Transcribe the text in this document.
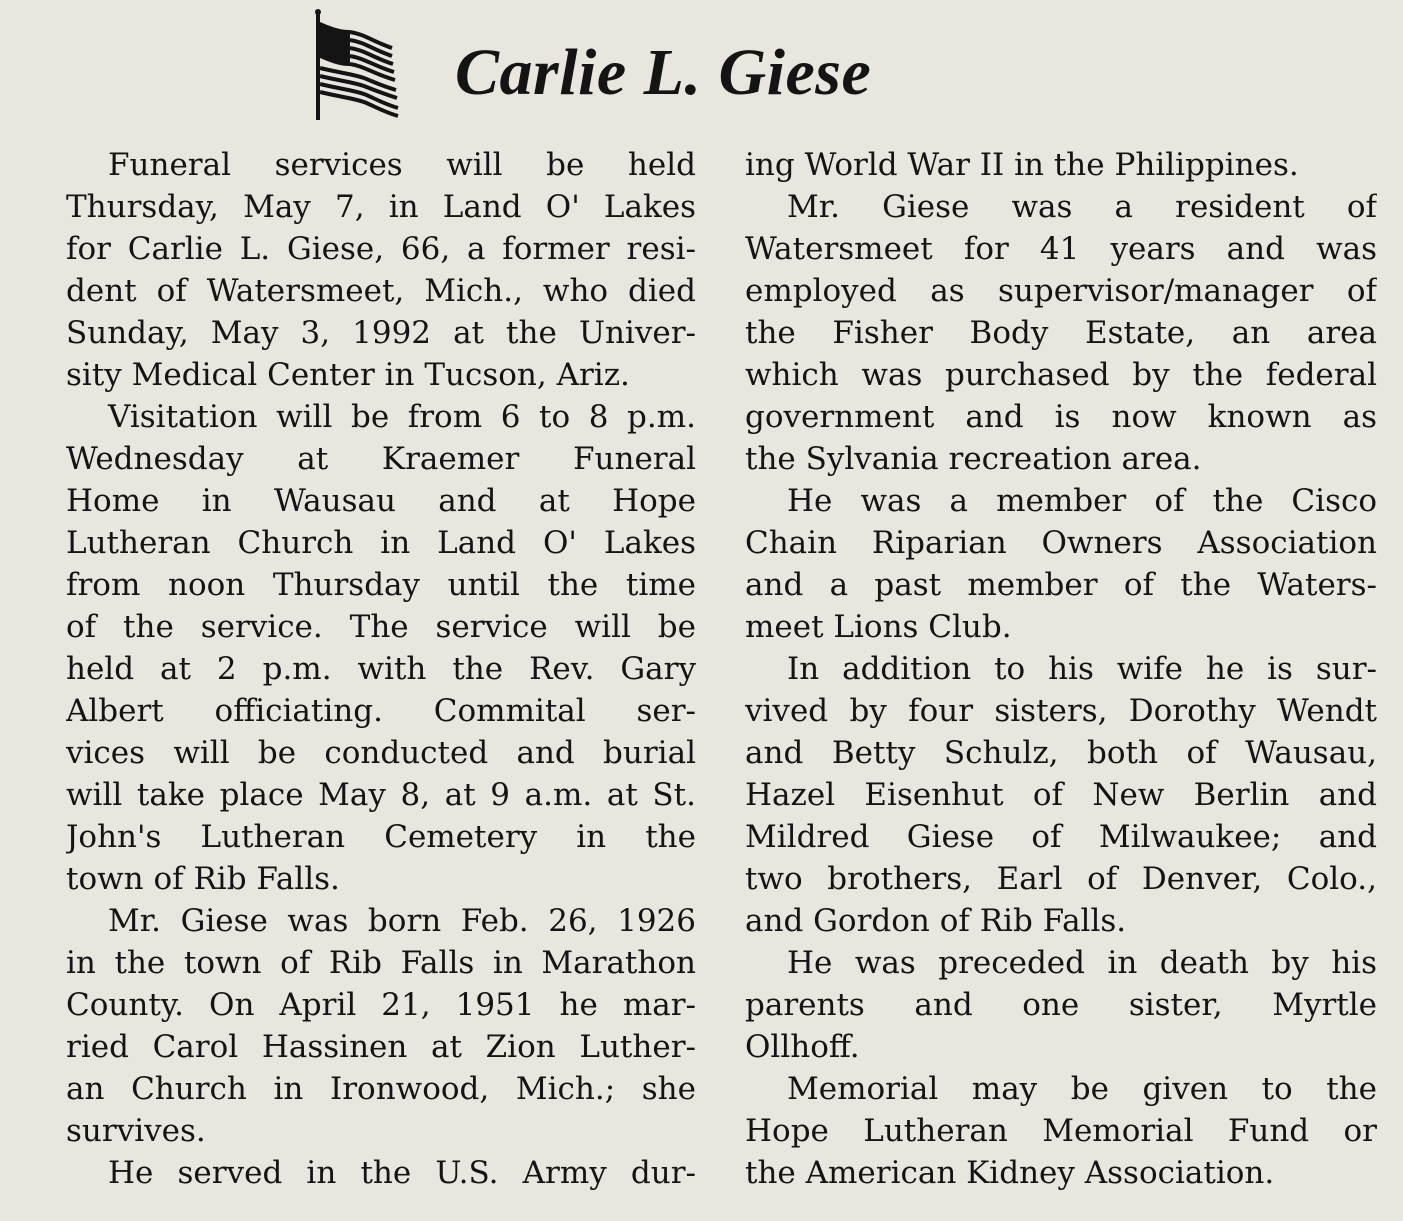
Carlie L. Giese
Funeral services will be held
Thursday, May 7, in Land O' Lakes
for Carlie L. Giese, 66, a former resi-
dent of Watersmeet, Mich., who died
Sunday, May 3, 1992 at the Univer-
sity Medical Center in Tucson, Ariz.
Visitation will be from 6 to 8 p.m.
Wednesday at Kraemer Funeral
Home in Wausau and at Hope
Lutheran Church in Land O' Lakes
from noon Thursday until the time
of the service. The service will be
held at 2 p.m. with the Rev. Gary
Albert officiating. Commital ser-
vices will be conducted and burial
will take place May 8, at 9 a.m. at St.
John's Lutheran Cemetery in the
town of Rib Falls.
Mr. Giese was born Feb. 26, 1926
in the town of Rib Falls in Marathon
County. On April 21, 1951 he mar-
ried Carol Hassinen at Zion Luther-
an Church in Ironwood, Mich.; she
survives.
He served in the U.S. Army dur-
ing World War II in the Philippines.
Mr. Giese was a resident of
Watersmeet for 41 years and was
employed as supervisor/manager of
the Fisher Body Estate, an area
which was purchased by the federal
government and is now known as
the Sylvania recreation area.
He was a member of the Cisco
Chain Riparian Owners Association
and a past member of the Waters-
meet Lions Club.
In addition to his wife he is sur-
vived by four sisters, Dorothy Wendt
and Betty Schulz, both of Wausau,
Hazel Eisenhut of New Berlin and
Mildred Giese of Milwaukee; and
two brothers, Earl of Denver, Colo.,
and Gordon of Rib Falls.
He was preceded in death by his
parents and one sister, Myrtle
Ollhoff.
Memorial may be given to the
Hope Lutheran Memorial Fund or
the American Kidney Association.
